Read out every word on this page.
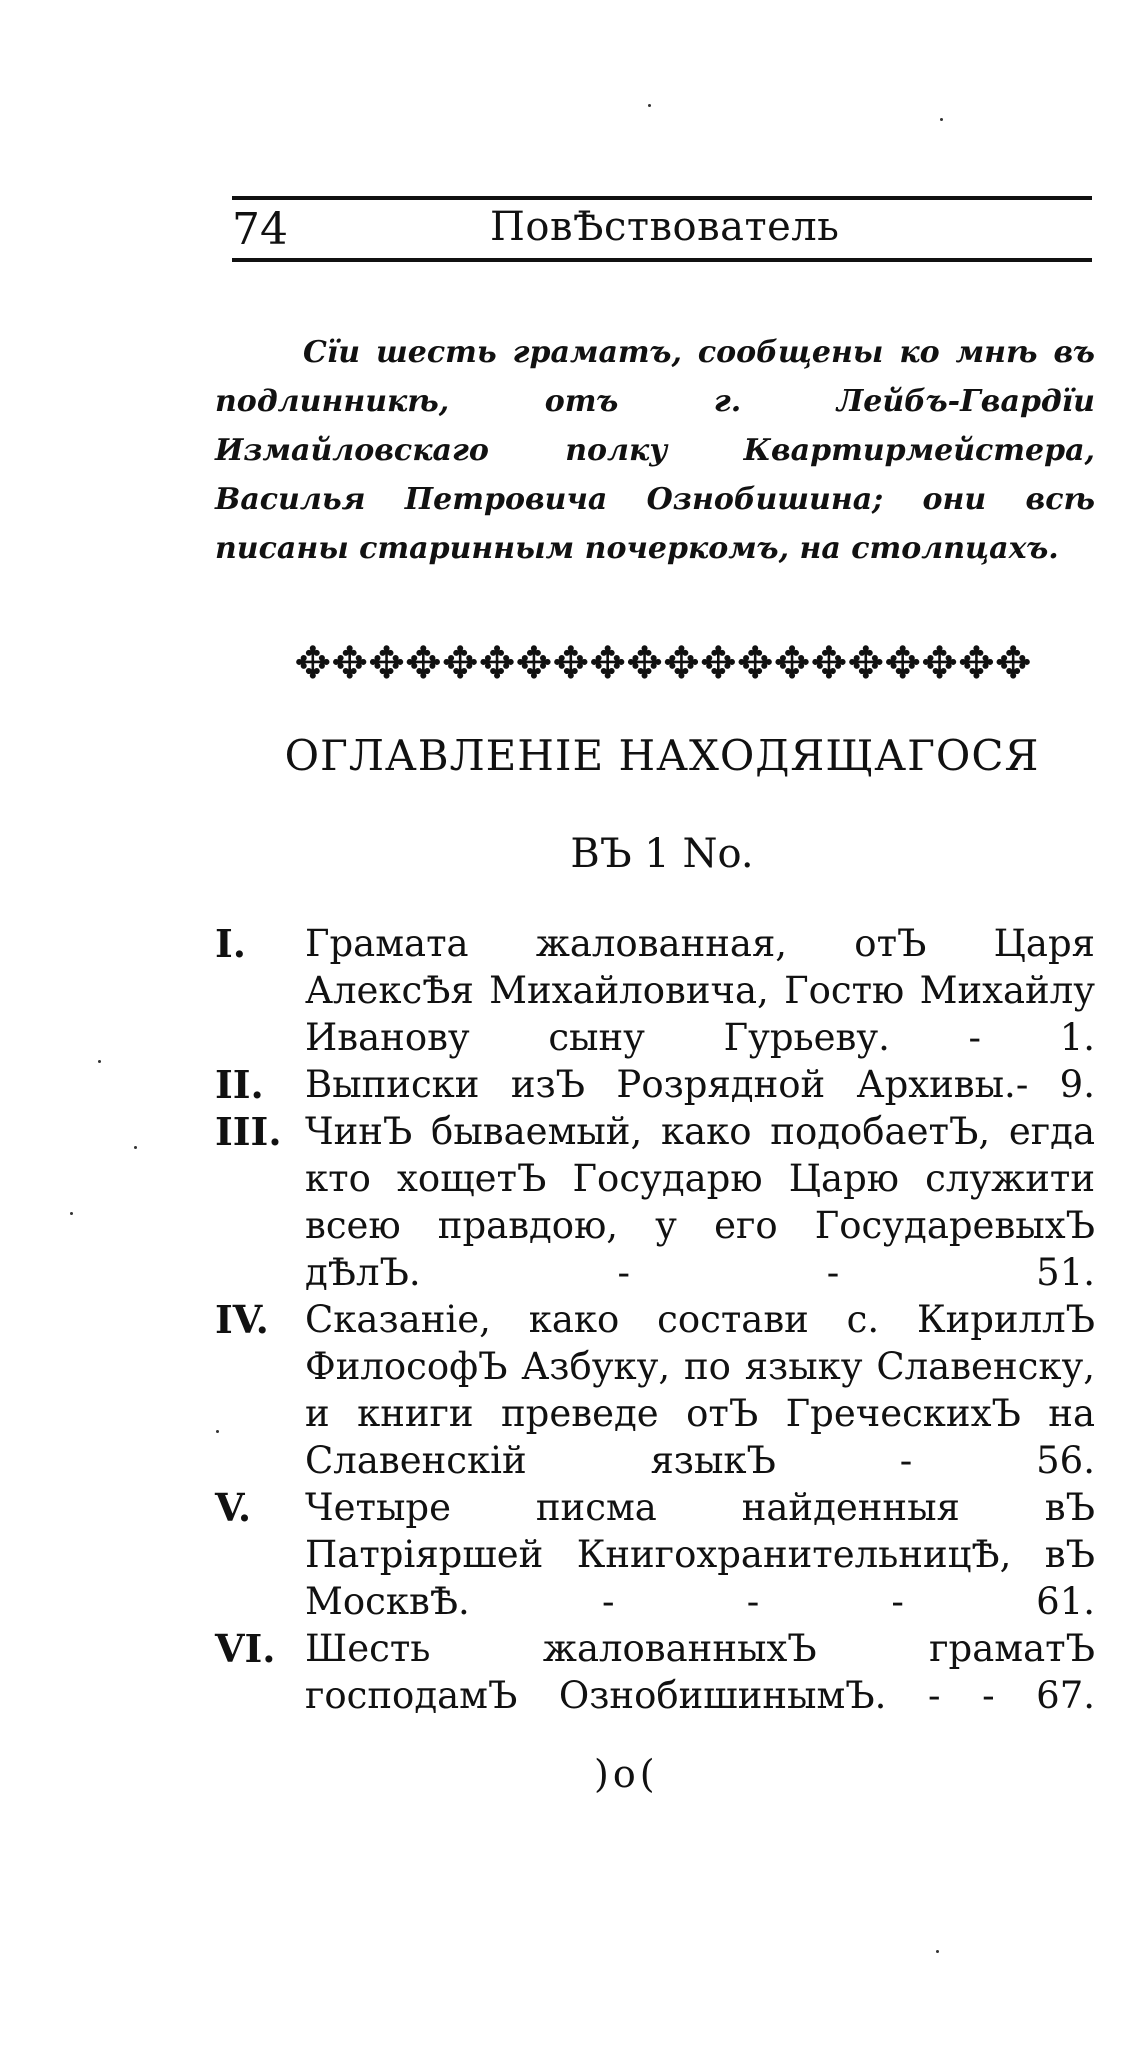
74	ПовѢствователь

Сїи шесть граматъ, сообщены ко мнѣ въ подлинникѣ, отъ г. Лейбъ-Гвардїи Измайловскаго полку Квартирмейстера, Василья Петровича Ознобишина; они всѣ писаны старинным почеркомъ, на столпцахъ.

✥✥✥✥✥✥✥✥✥✥✥✥✥✥✥✥✥✥✥✥
ОГЛАВЛЕНІЕ НАХОДЯЩАГОСЯ
ВЪ 1 No.
I. Грамата жалованная, отЪ Царя АлексѢя Михайловича, Гостю Михайлу Иванову сыну Гурьеву. - 1.
II. Выписки изЪ Розрядной Архивы.- 9.
III. ЧинЪ бываемый, како подобаетЪ, егда кто хощетЪ Государю Царю служити всею правдою, у его ГосударевыхЪ дѢлЪ. - - 51.
IV. Сказаніе, како состави с. КириллЪ ФилософЪ Азбуку, по языку Славенску, и книги преведе отЪ ГреческихЪ на Славенскій языкЪ - 56.
V. Четыре писма найденныя вЪ Патріяршей КнигохранительницѢ, вЪ МосквѢ. - - - 61.
VI. Шесть жалованныхЪ граматЪ господамЪ ОзнобишинымЪ. - - 67.
)o(
